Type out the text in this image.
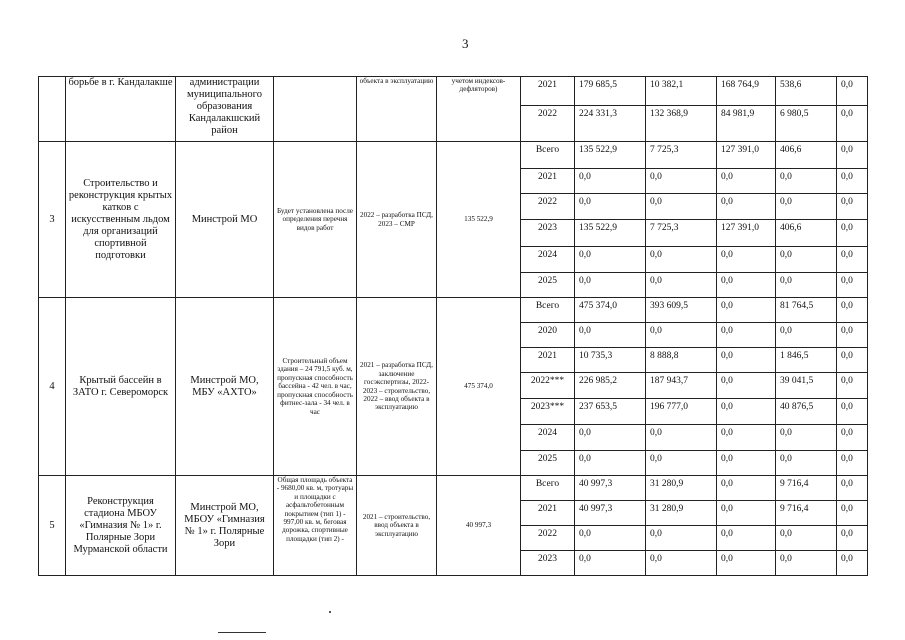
3
	борьбе в г. Кандалакше	администрации муниципального образования Кандалакшский район		объекта в эксплуатацию	учетом индексов-дефляторов)	2021	179 685,5	10 382,1	168 764,9	538,6	0,0
						2022	224 331,3	132 368,9	84 981,9	6 980,5	0,0
3	Строительство и реконструкция крытых катков с искусственным льдом для организаций спортивной подготовки	Минстрой МО	Будет установлена после определения перечня видов работ	2022 – разработка ПСД, 2023 – СМР	135 522,9	Всего	135 522,9	7 725,3	127 391,0	406,6	0,0
						2021	0,0	0,0	0,0	0,0	0,0
						2022	0,0	0,0	0,0	0,0	0,0
						2023	135 522,9	7 725,3	127 391,0	406,6	0,0
						2024	0,0	0,0	0,0	0,0	0,0
						2025	0,0	0,0	0,0	0,0	0,0
4	Крытый бассейн в ЗАТО г. Североморск	Минстрой МО, МБУ «АХТО»	Строительный объем здания – 24 791,5 куб. м, пропускная способность бассейна - 42 чел. в час, пропускная способность фитнес-зала - 34 чел. в час	2021 – разработка ПСД, заключение госэкспертизы, 2022-2023 – строительство, 2022 – ввод объекта в эксплуатацию	475 374,0	Всего	475 374,0	393 609,5	0,0	81 764,5	0,0
						2020	0,0	0,0	0,0	0,0	0,0
						2021	10 735,3	8 888,8	0,0	1 846,5	0,0
						2022***	226 985,2	187 943,7	0,0	39 041,5	0,0
						2023***	237 653,5	196 777,0	0,0	40 876,5	0,0
						2024	0,0	0,0	0,0	0,0	0,0
						2025	0,0	0,0	0,0	0,0	0,0
5	Реконструкция стадиона МБОУ «Гимназия № 1» г. Полярные Зори Мурманской области	Минстрой МО, МБОУ «Гимназия № 1» г. Полярные Зори	Общая площадь объекта - 9680,00 кв. м, тротуары и площадки с асфальтобетонным покрытием (тип 1) - 997,00 кв. м, беговая дорожка, спортивные площадки (тип 2) -	2021 – строительство, ввод объекта в эксплуатацию	40 997,3	Всего	40 997,3	31 280,9	0,0	9 716,4	0,0
						2021	40 997,3	31 280,9	0,0	9 716,4	0,0
						2022	0,0	0,0	0,0	0,0	0,0
						2023	0,0	0,0	0,0	0,0	0,0
